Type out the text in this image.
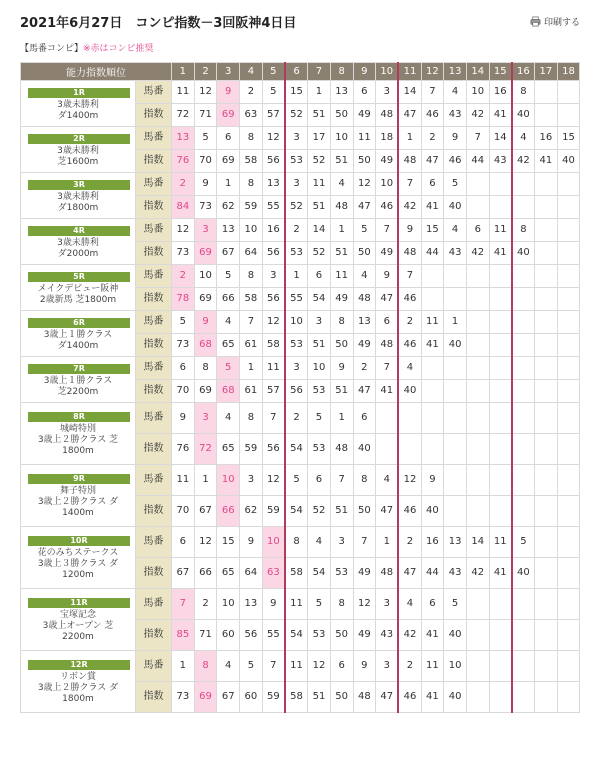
2021年6月27日　コンピ指数－3回阪神4日目	印刷する
【馬番コンピ】※赤はコンピ推奨
能力指数順位		1	2	3	4	5	6	7	8	9	10	11	12	13	14	15	16	17	18

1R
3歳未勝利
ダ1400m	馬番	11	12	9	2	5	15	1	13	6	3	14	7	4	10	16	8		
	指数	72	71	69	63	57	52	51	50	49	48	47	46	43	42	41	40		

2R
3歳未勝利
芝1600m	馬番	13	5	6	8	12	3	17	10	11	18	1	2	9	7	14	4	16	15
	指数	76	70	69	58	56	53	52	51	50	49	48	47	46	44	43	42	41	40

3R
3歳未勝利
ダ1800m	馬番	2	9	1	8	13	3	11	4	12	10	7	6	5					
	指数	84	73	62	59	55	52	51	48	47	46	42	41	40					

4R
3歳未勝利
ダ2000m	馬番	12	3	13	10	16	2	14	1	5	7	9	15	4	6	11	8		
	指数	73	69	67	64	56	53	52	51	50	49	48	44	43	42	41	40		

5R
メイクデビュー阪神
2歳新馬 芝1800m	馬番	2	10	5	8	3	1	6	11	4	9	7							
	指数	78	69	66	58	56	55	54	49	48	47	46							

6R
3歳上１勝クラス
ダ1400m	馬番	5	9	4	7	12	10	3	8	13	6	2	11	1					
	指数	73	68	65	61	58	53	51	50	49	48	46	41	40					

7R
3歳上１勝クラス
芝2200m	馬番	6	8	5	1	11	3	10	9	2	7	4							
	指数	70	69	68	61	57	56	53	51	47	41	40							

8R
城崎特別
3歳上２勝クラス 芝
1800m	馬番	9	3	4	8	7	2	5	1	6									
	指数	76	72	65	59	56	54	53	48	40									

9R
舞子特別
3歳上２勝クラス ダ
1400m	馬番	11	1	10	3	12	5	6	7	8	4	12	9						
	指数	70	67	66	62	59	54	52	51	50	47	46	40						

10R
花のみちステークス
3歳上３勝クラス ダ
1200m	馬番	6	12	15	9	10	8	4	3	7	1	2	16	13	14	11	5		
	指数	67	66	65	64	63	58	54	53	49	48	47	44	43	42	41	40		

11R
宝塚記念
3歳上オープン 芝
2200m	馬番	7	2	10	13	9	11	5	8	12	3	4	6	5					
	指数	85	71	60	56	55	54	53	50	49	43	42	41	40					

12R
リボン賞
3歳上２勝クラス ダ
1800m	馬番	1	8	4	5	7	11	12	6	9	3	2	11	10					
	指数	73	69	67	60	59	58	51	50	48	47	46	41	40					
